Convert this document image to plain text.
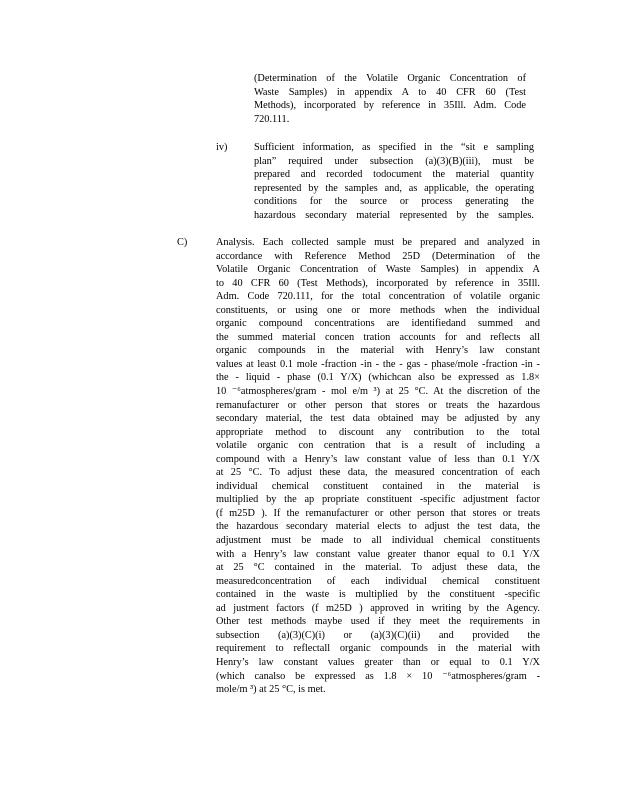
(Determination of the Volatile Organic Concentration of

Waste Samples) in appendix A to 40 CFR 60 (Test

Methods), incorporated by reference in 35Ill. Adm. Code

720.111.

iv)	Sufficient information, as specified in the “sit e sampling

plan” required under subsection (a)(3)(B)(iii), must be

prepared and recorded todocument the material quantity

represented by the samples and, as applicable, the operating

conditions for the source or process generating the

hazardous secondary material represented by the samples.

C)	Analysis. Each collected sample must be prepared and analyzed in

accordance with Reference Method 25D (Determination of the

Volatile Organic Concentration of Waste Samples) in appendix A

to 40 CFR 60 (Test Methods), incorporated by reference in 35Ill.

Adm. Code 720.111, for the total concentration of volatile organic

constituents, or using one or more methods when the individual

organic compound concentrations are identifiedand summed and

the summed material concen tration accounts for and reflects all

organic compounds in the material with Henry’s law constant

values at least 0.1 mole -fraction -in - the - gas - phase/mole -fraction -in -

the - liquid - phase (0.1 Y/X) (whichcan also be expressed as 1.8×

10 ⁻⁶atmospheres/gram - mol e/m ³) at 25 °C. At the discretion of the

remanufacturer or other person that stores or treats the hazardous

secondary material, the test data obtained may be adjusted by any

appropriate method to discount any contribution to the total

volatile organic con centration that is a result of including a

compound with a Henry’s law constant value of less than 0.1 Y/X

at 25 °C. To adjust these data, the measured concentration of each

individual chemical constituent contained in the material is

multiplied by the ap propriate constituent -specific adjustment factor

(f m25D ). If the remanufacturer or other person that stores or treats

the hazardous secondary material elects to adjust the test data, the

adjustment must be made to all individual chemical constituents

with a Henry’s law constant value greater thanor equal to 0.1 Y/X

at 25 °C contained in the material. To adjust these data, the

measuredconcentration of each individual chemical constituent

contained in the waste is multiplied by the constituent -specific

ad justment factors (f m25D ) approved in writing by the Agency.

Other test methods maybe used if they meet the requirements in

subsection (a)(3)(C)(i) or (a)(3)(C)(ii) and provided the

requirement to reflectall organic compounds in the material with

Henry’s law constant values greater than or equal to 0.1 Y/X

(which canalso be expressed as 1.8 × 10 ⁻⁶atmospheres/gram -

mole/m ³) at 25 °C, is met.
